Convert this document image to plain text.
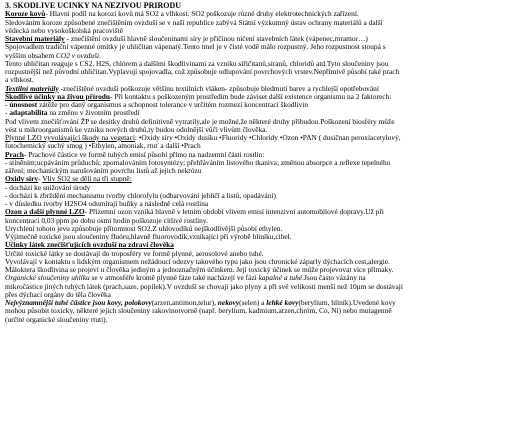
3. ŠKODLIVÉ ÚČINKY NA NEŽIVOU PŘÍRODU
Koroze kovů- Hlavní podíl na korozi kovů má SO2 a vlhkost. SO2 poškozuje různé druhy elektrotechnických zařízení.
Sledováním koroze způsobené znečištěním ovzduší se v naší republice zabývá Státní výzkumný ústav ochrany materiálů a další
vědecká nebo vysokoškolská pracoviště
Stavební materiály - znečištění ovzduší hlavně sloučeninami síry je příčinou ničení stavebních látek (vápenec,mramor…)
Spojovadlem tradiční vápenné omítky je uhličitan vápenatý.Tento tmel je v čisté vodě málo rozpustný. Jeho rozpustnost stoupá s
vyšším obsahem CO2 v ovzduší.
Tento uhličitan reaguje s CS2, H2S, chlórem a dalšími škodlivinami za vzniku siřičitanů,síranů, chloridů atd.Tyto sloučeniny jsou
rozpustnější než původní uhličitan.Vyplavují spojovadla, což způsobuje odlupování povrchových vrstev.Nepřímivě působí také prach
a vlhkost.
Textilní materiály -znečištěné ovzduší poškozuje většinu textilních vláken- způsobuje bledmutí barev a rychlejší opotřebování
Škodlivé účinky na živou přírodu- Při kontaktu s poškozeným prostředím bude záviset další existence organismu na 2 faktorech:
- únosnost zátěže pro daný organismus a schopnost tolerance v určitém rozmezí koncentrací škodlivin
- adaptabilita na změnu v životním prostředí
Pod vlivem znečišťování ŽP se desítky druhů definitivně vytratily,ale je možné,že některé druhy přibudou.Poškození biosféry může
vést u mikroorganismů ke vzniku nových druhů,ty budou odolnější vůči vlivům člověka.
Plynné LZO vyvolávající škody na vegetaci: •Oxidy síry •Oxidy dusíku •Fluoridy •Chloridy •Ozon •PAN ( dusičnan peroxiacetylový,
fotochemický suchý smog ) •Ethylen, amoniak, rtuť a další •Prach
Prach- Prachové částice ve formě tuhých emisí působí přímo na nadzemní části rostlin:
- stíněním;ucpáváním průduchů; zpomalováním fotosyntézy; přehřáváním listového tkaniva; změnou absorpce a reflexe tepelného
záření; mechanickým narušováním povrchu listů až jejich nekrózu
Oxidy síry- Vliv SO2 se dělí na tři stupně:
- dochází ke snižování úrody
- dochází k zbrždění mechanismu tvorby chlorofylu (odbarvování jehličí a listů, opadávání)
- v důsledku tvorby H2SO4 odumírají buňky a následně celá rostlina
Ozon a další plynné LZO- Přízemní ozon vzniká hlavně v letním období vlivem emisí intenzivní automobilové dopravy.Už při
koncentraci 0,03 ppm po dobu osmi hodin poškozuje citlivé rostliny.
Urychlení tohoto jevu způsobuje přítomnost SO2.Z uhlovodíků nejškodlivější působí ethylen.
Výjimečně toxické jsou sloučeniny fluóru,hlavně fluorovodík,vznikající při výrobě hliníku,cihel.
Účinky látek znečišťujících ovzduší na zdraví člověka
Určité toxické látky se dostávají do troposféry ve formě plynné, aerosolové anebo tuhé.
Vyvolávají v kontaktu s lidským organismem nežádoucí odezvy takového typu jako jsou chronické záparly dýchacích cest,alergie.
Máloktera škodlivina se projeví u člověka jediným a jednoznačným účinkem. Její toxický účinek se může projevovat více přímaky.
Organické sloučeniny uhlíku se v atmosféře kromě plynné fáze také nacházejí ve fázi kapalné a tuhé.Jsou často vázány na
mikročástice jiných tuhých látek (prach,saze, popílek).V ovzduší se chovají jako plyny a při své velikosti menší než 10μm se dostávají
přes dýchací orgány do těla člověka
Nejvýznamnější tuhé částice jsou kovy, polokovy(arzen,antimon,telur), nekovy(selen) a lehké kovy(berylium, hliník).Uvedené kovy
mohou působit toxicky, některé jejich sloučeniny rakovinotvorně (např. berylium, kadmium,arzen,chróm, Co, Ni) nebo mutagenně
(určité organické sloučeniny rtuti).
